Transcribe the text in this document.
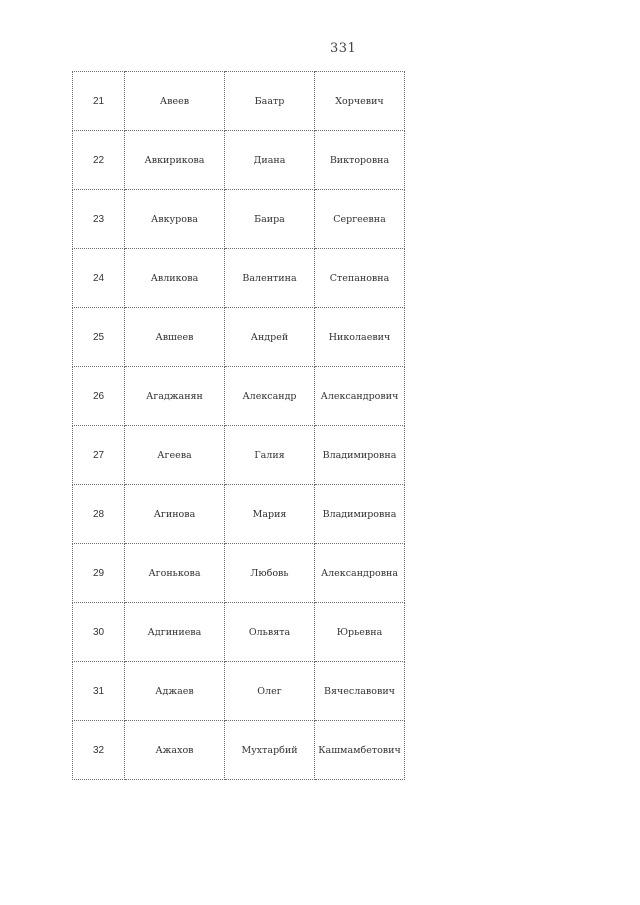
331
21	Авеев	Баатр	Хорчевич
22	Авкирикова	Диана	Викторовна
23	Авкурова	Баира	Сергеевна
24	Авликова	Валентина	Степановна
25	Авшеев	Андрей	Николаевич
26	Агаджанян	Александр	Александрович
27	Агеева	Галия	Владимировна
28	Агинова	Мария	Владимировна
29	Агонькова	Любовь	Александровна
30	Адгиниева	Ольвята	Юрьевна
31	Аджаев	Олег	Вячеславович
32	Ажахов	Мухтарбий	Кашмамбетович
